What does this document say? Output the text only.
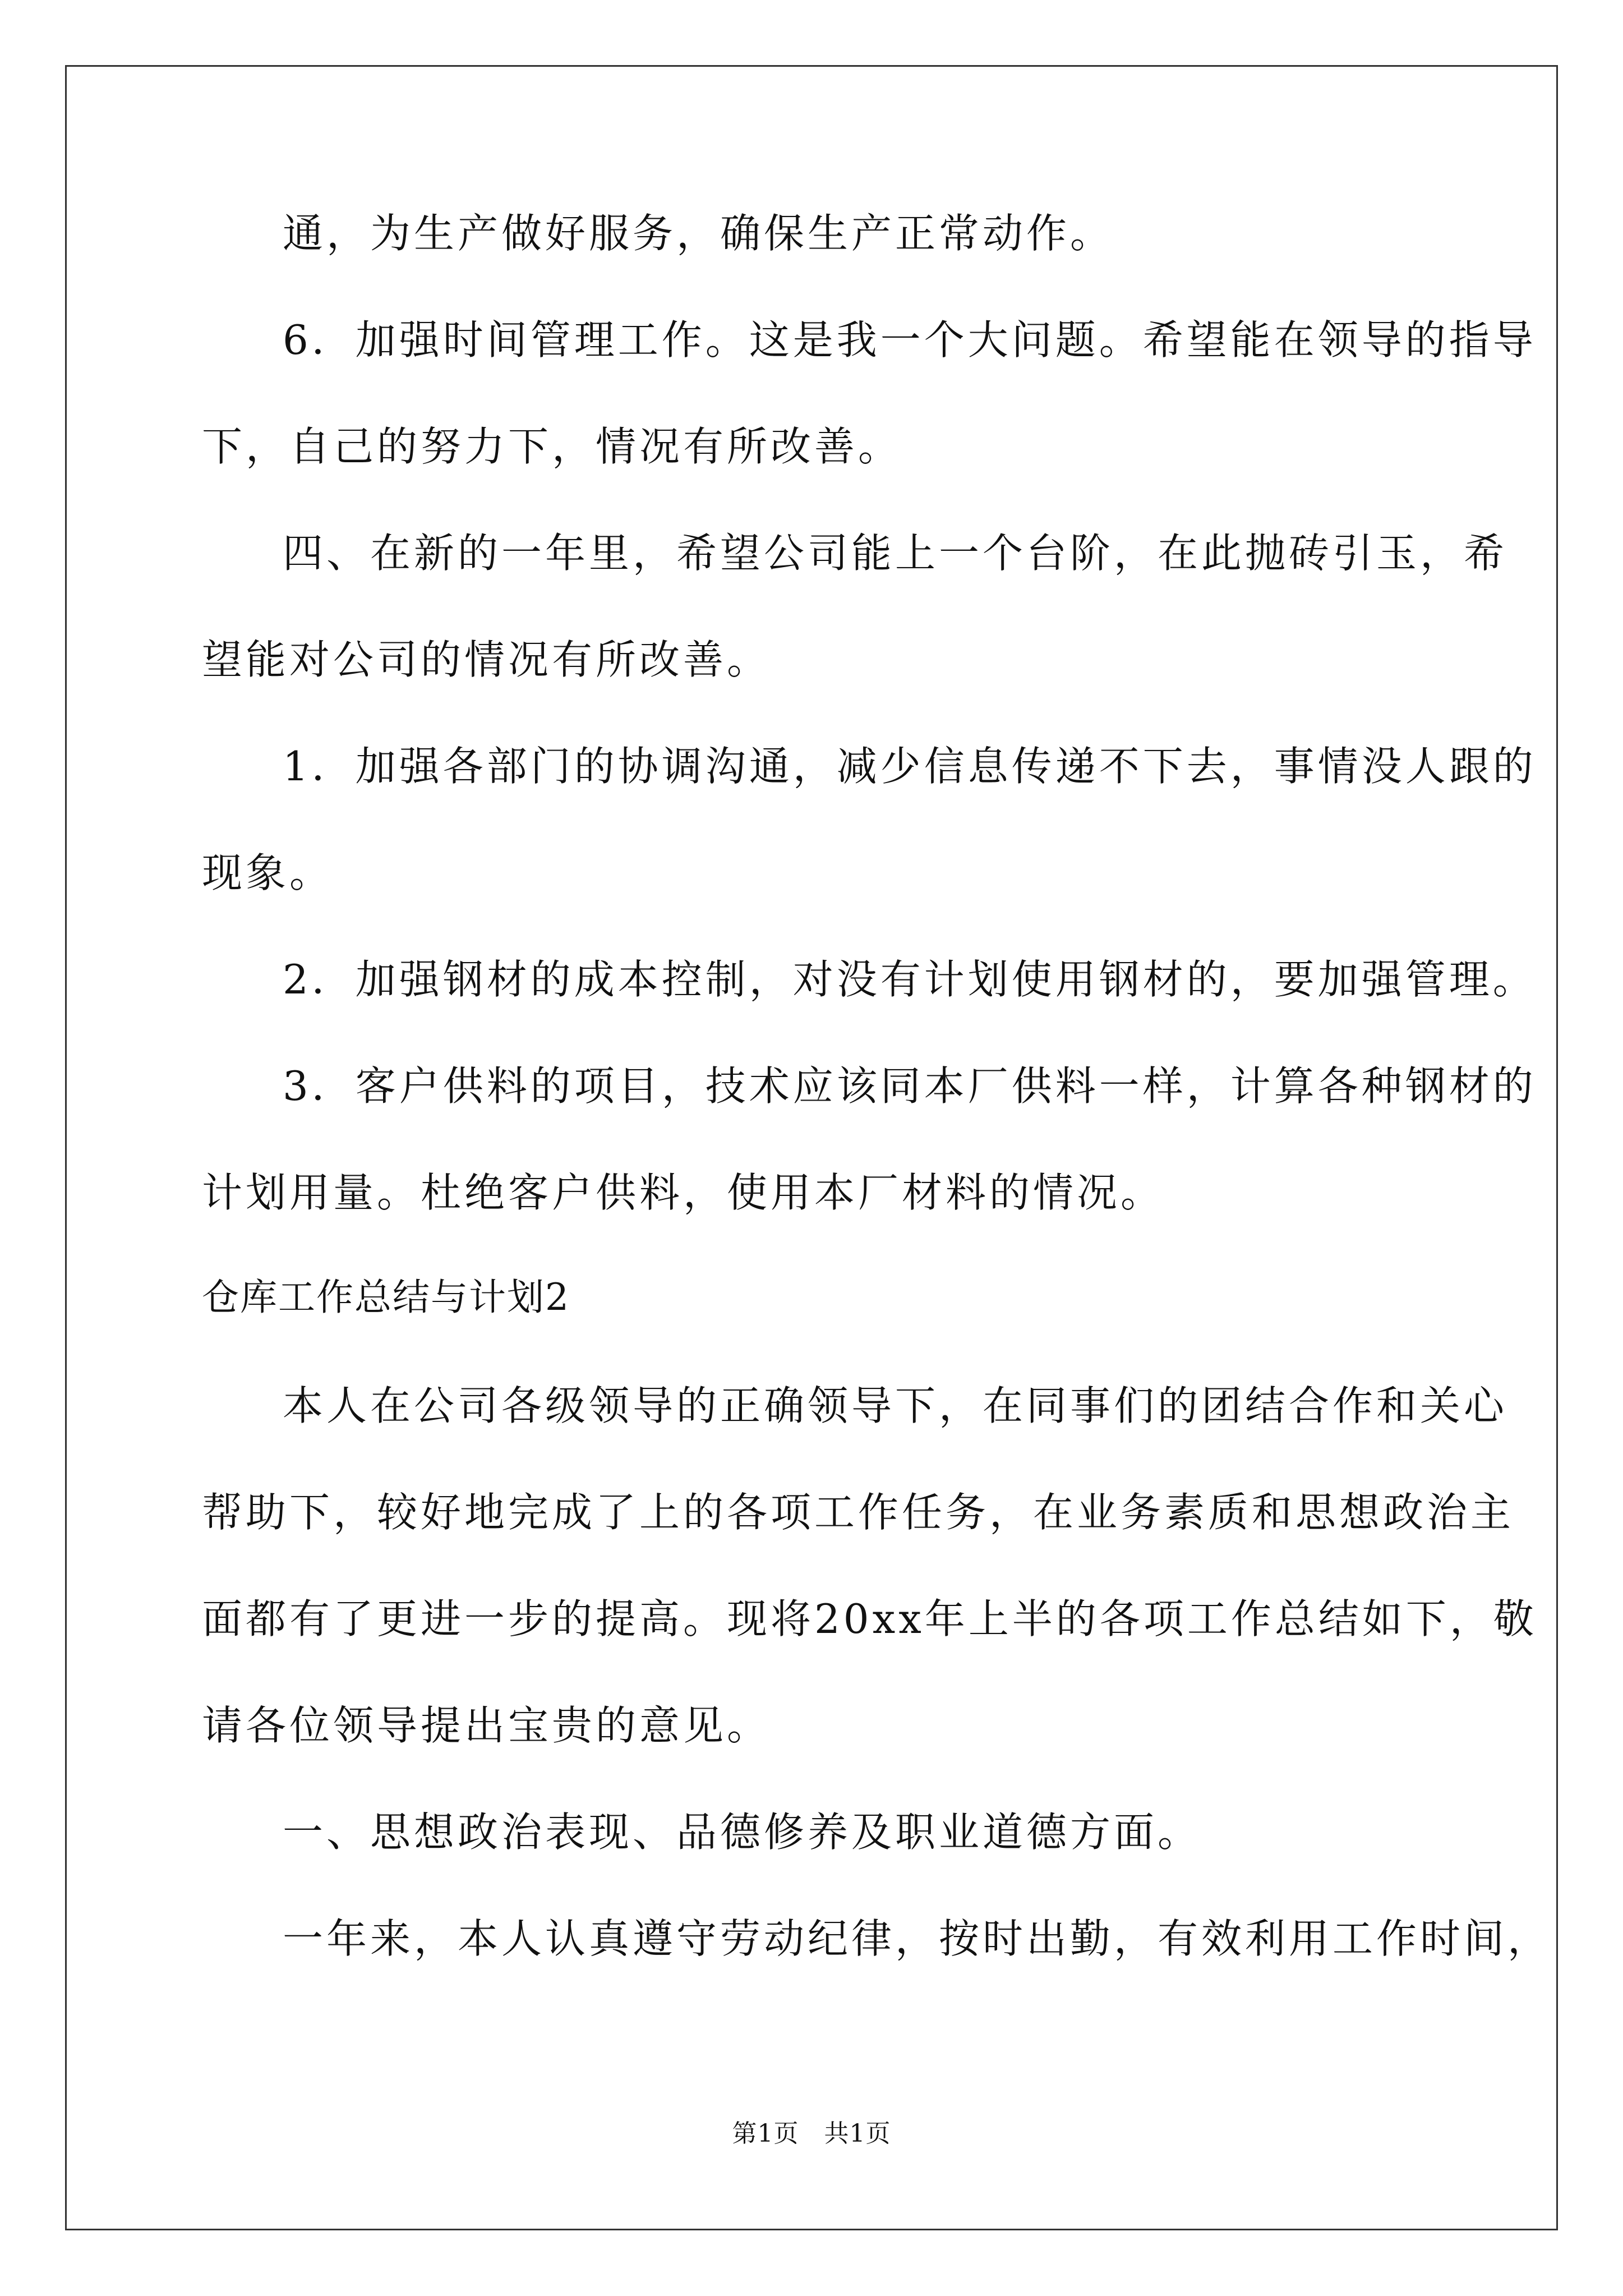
通，为生产做好服务，确保生产正常动作。
6．加强时间管理工作。这是我一个大问题。希望能在领导的指导
下，自己的努力下，情况有所改善。
四、在新的一年里，希望公司能上一个台阶，在此抛砖引玉，希
望能对公司的情况有所改善。
1．加强各部门的协调沟通，减少信息传递不下去，事情没人跟的
现象。
2．加强钢材的成本控制，对没有计划使用钢材的，要加强管理。
3．客户供料的项目，技术应该同本厂供料一样，计算各种钢材的
计划用量。杜绝客户供料，使用本厂材料的情况。
仓库工作总结与计划2
本人在公司各级领导的正确领导下，在同事们的团结合作和关心
帮助下，较好地完成了上的各项工作任务，在业务素质和思想政治主
面都有了更进一步的提高。现将20xx年上半的各项工作总结如下，敬
请各位领导提出宝贵的意见。
一、思想政治表现、品德修养及职业道德方面。
一年来，本人认真遵守劳动纪律，按时出勤，有效利用工作时间，
第1页　共1页
